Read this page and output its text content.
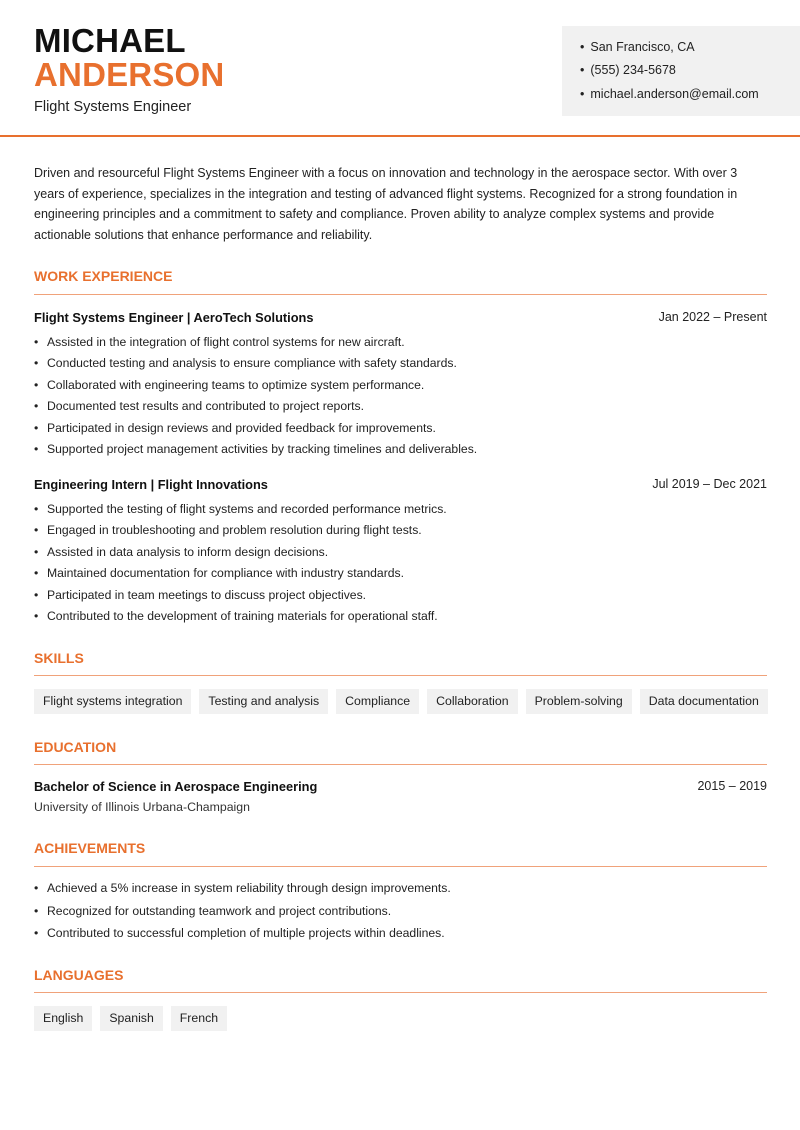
MICHAEL
ANDERSON
Flight Systems Engineer
• San Francisco, CA
• (555) 234-5678
• michael.anderson@email.com

Driven and resourceful Flight Systems Engineer with a focus on innovation and technology in the aerospace sector. With over 3 years of experience, specializes in the integration and testing of advanced flight systems. Recognized for a strong foundation in engineering principles and a commitment to safety and compliance. Proven ability to analyze complex systems and provide actionable solutions that enhance performance and reliability.

WORK EXPERIENCE
Flight Systems Engineer | AeroTech Solutions	Jan 2022 – Present
• Assisted in the integration of flight control systems for new aircraft.
• Conducted testing and analysis to ensure compliance with safety standards.
• Collaborated with engineering teams to optimize system performance.
• Documented test results and contributed to project reports.
• Participated in design reviews and provided feedback for improvements.
• Supported project management activities by tracking timelines and deliverables.
Engineering Intern | Flight Innovations	Jul 2019 – Dec 2021
• Supported the testing of flight systems and recorded performance metrics.
• Engaged in troubleshooting and problem resolution during flight tests.
• Assisted in data analysis to inform design decisions.
• Maintained documentation for compliance with industry standards.
• Participated in team meetings to discuss project objectives.
• Contributed to the development of training materials for operational staff.
SKILLS
Flight systems integration	Testing and analysis	Compliance	Collaboration	Problem-solving	Data documentation
EDUCATION
Bachelor of Science in Aerospace Engineering	2015 – 2019
University of Illinois Urbana-Champaign
ACHIEVEMENTS
• Achieved a 5% increase in system reliability through design improvements.
• Recognized for outstanding teamwork and project contributions.
• Contributed to successful completion of multiple projects within deadlines.
LANGUAGES
English	Spanish	French
